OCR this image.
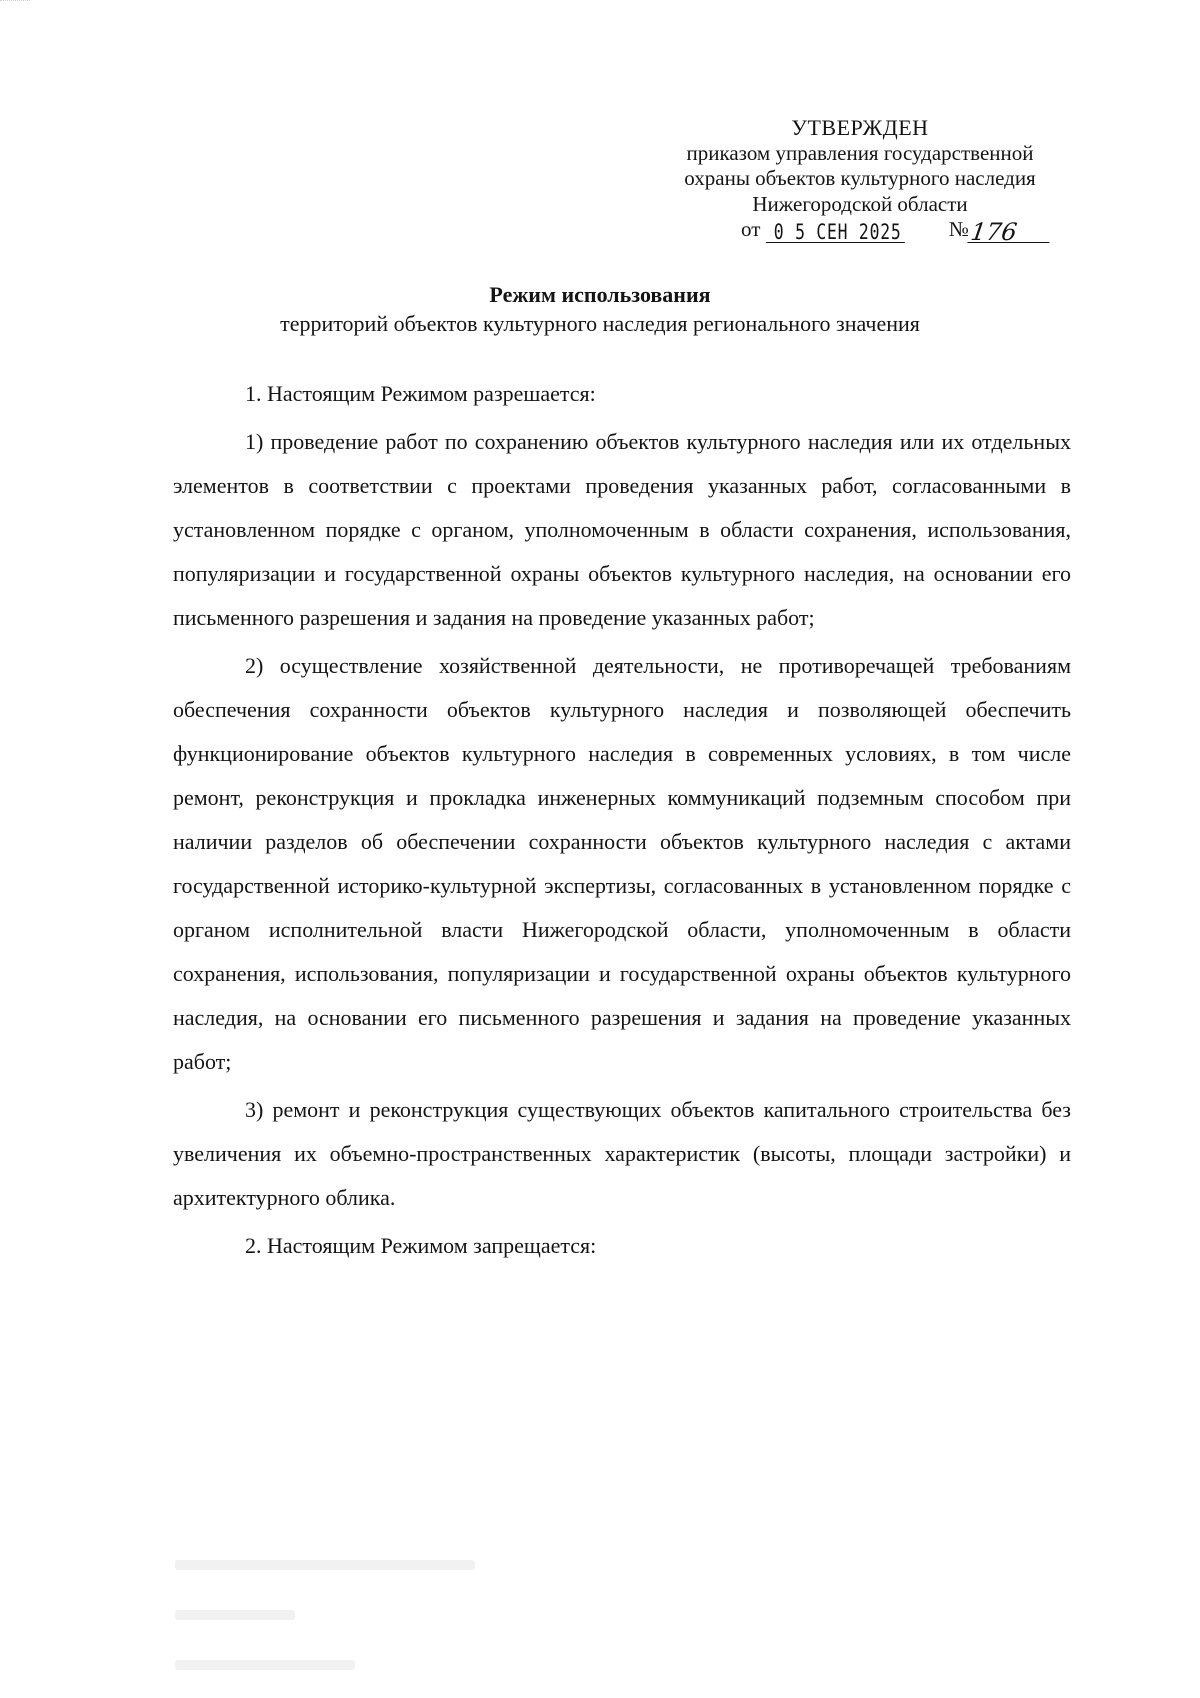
УТВЕРЖДЕН
приказом управления государственной
охраны объектов культурного наследия
Нижегородской области
от 0 5 СЕН 2025 №176
Режим использования
территорий объектов культурного наследия регионального значения

1. Настоящим Режимом разрешается:

1) проведение работ по сохранению объектов культурного наследия или их отдельных элементов в соответствии с проектами проведения указанных работ, согласованными в установленном порядке с органом, уполномоченным в области сохранения, использования, популяризации и государственной охраны объектов культурного наследия, на основании его письменного разрешения и задания на проведение указанных работ;

2) осуществление хозяйственной деятельности, не противоречащей требованиям обеспечения сохранности объектов культурного наследия и позволяющей обеспечить функционирование объектов культурного наследия в современных условиях, в том числе ремонт, реконструкция и прокладка инженерных коммуникаций подземным способом при наличии разделов об обеспечении сохранности объектов культурного наследия с актами государственной историко-культурной экспертизы, согласованных в установленном порядке с органом исполнительной власти Нижегородской области, уполномоченным в области сохранения, использования, популяризации и государственной охраны объектов культурного наследия, на основании его письменного разрешения и задания на проведение указанных работ;

3) ремонт и реконструкция существующих объектов капитального строительства без увеличения их объемно-пространственных характеристик (высоты, площади застройки) и архитектурного облика.

2. Настоящим Режимом запрещается:
